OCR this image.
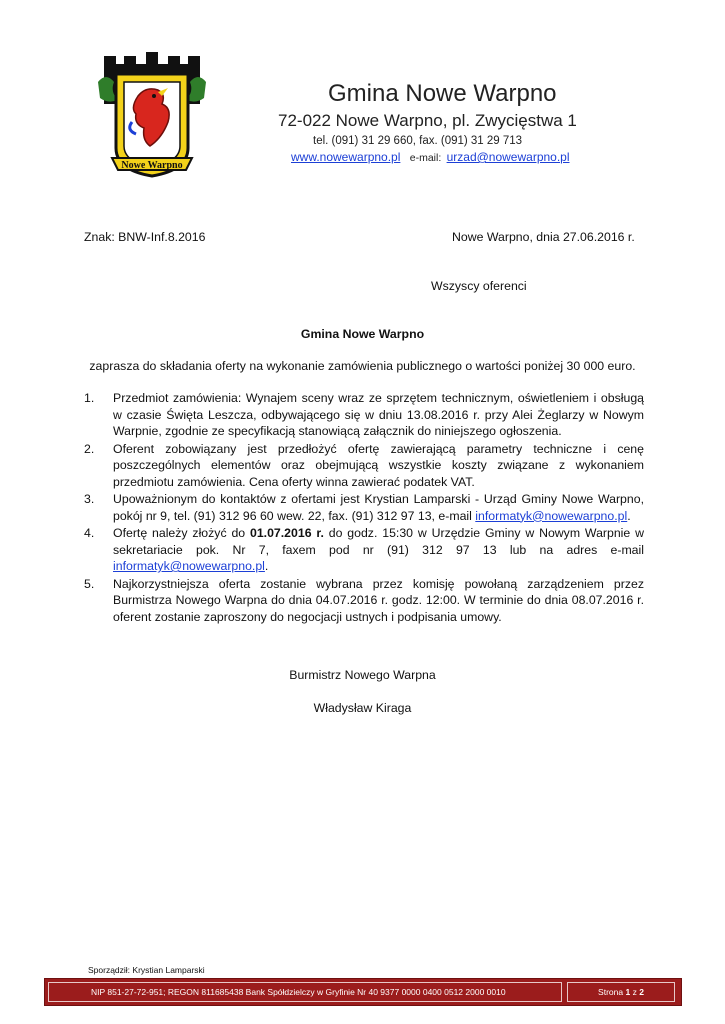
Nowe Warpno
Gmina Nowe Warpno
72-022 Nowe Warpno, pl. Zwycięstwa 1
tel. (091) 31 29 660, fax. (091) 31 29 713
www.nowewarpno.pl e-mail: urzad@nowewarpno.pl
Znak: BNW-Inf.8.2016	Nowe Warpno, dnia 27.06.2016 r.
Wszyscy oferenci
Gmina Nowe Warpno
zaprasza do składania oferty na wykonanie zamówienia publicznego o wartości poniżej 30 000 euro.
1.	Przedmiot zamówienia: Wynajem sceny wraz ze sprzętem technicznym, oświetleniem i obsługą w czasie Święta Leszcza, odbywającego się w dniu 13.08.2016 r. przy Alei Żeglarzy w Nowym Warpnie, zgodnie ze specyfikacją stanowiącą załącznik do niniejszego ogłoszenia.
2.	Oferent zobowiązany jest przedłożyć ofertę zawierającą parametry techniczne i cenę poszczególnych elementów oraz obejmującą wszystkie koszty związane z wykonaniem przedmiotu zamówienia. Cena oferty winna zawierać podatek VAT.
3.	Upoważnionym do kontaktów z ofertami jest Krystian Lamparski - Urząd Gminy Nowe Warpno, pokój nr 9, tel. (91) 312 96 60 wew. 22, fax. (91) 312 97 13, e-mail informatyk@nowewarpno.pl.
4.	Ofertę należy złożyć do 01.07.2016 r. do godz. 15:30 w Urzędzie Gminy w Nowym Warpnie w sekretariacie pok. Nr 7, faxem pod nr (91) 312 97 13 lub na adres e-mail informatyk@nowewarpno.pl.
5.	Najkorzystniejsza oferta zostanie wybrana przez komisję powołaną zarządzeniem przez Burmistrza Nowego Warpna do dnia 04.07.2016 r. godz. 12:00. W terminie do dnia 08.07.2016 r. oferent zostanie zaproszony do negocjacji ustnych i podpisania umowy.
Burmistrz Nowego Warpna
Władysław Kiraga
Sporządził: Krystian Lamparski
NIP 851-27-72-951; REGON 811685438 Bank Spółdzielczy w Gryfinie Nr 40 9377 0000 0400 0512 2000 0010	Strona 1 z 2
